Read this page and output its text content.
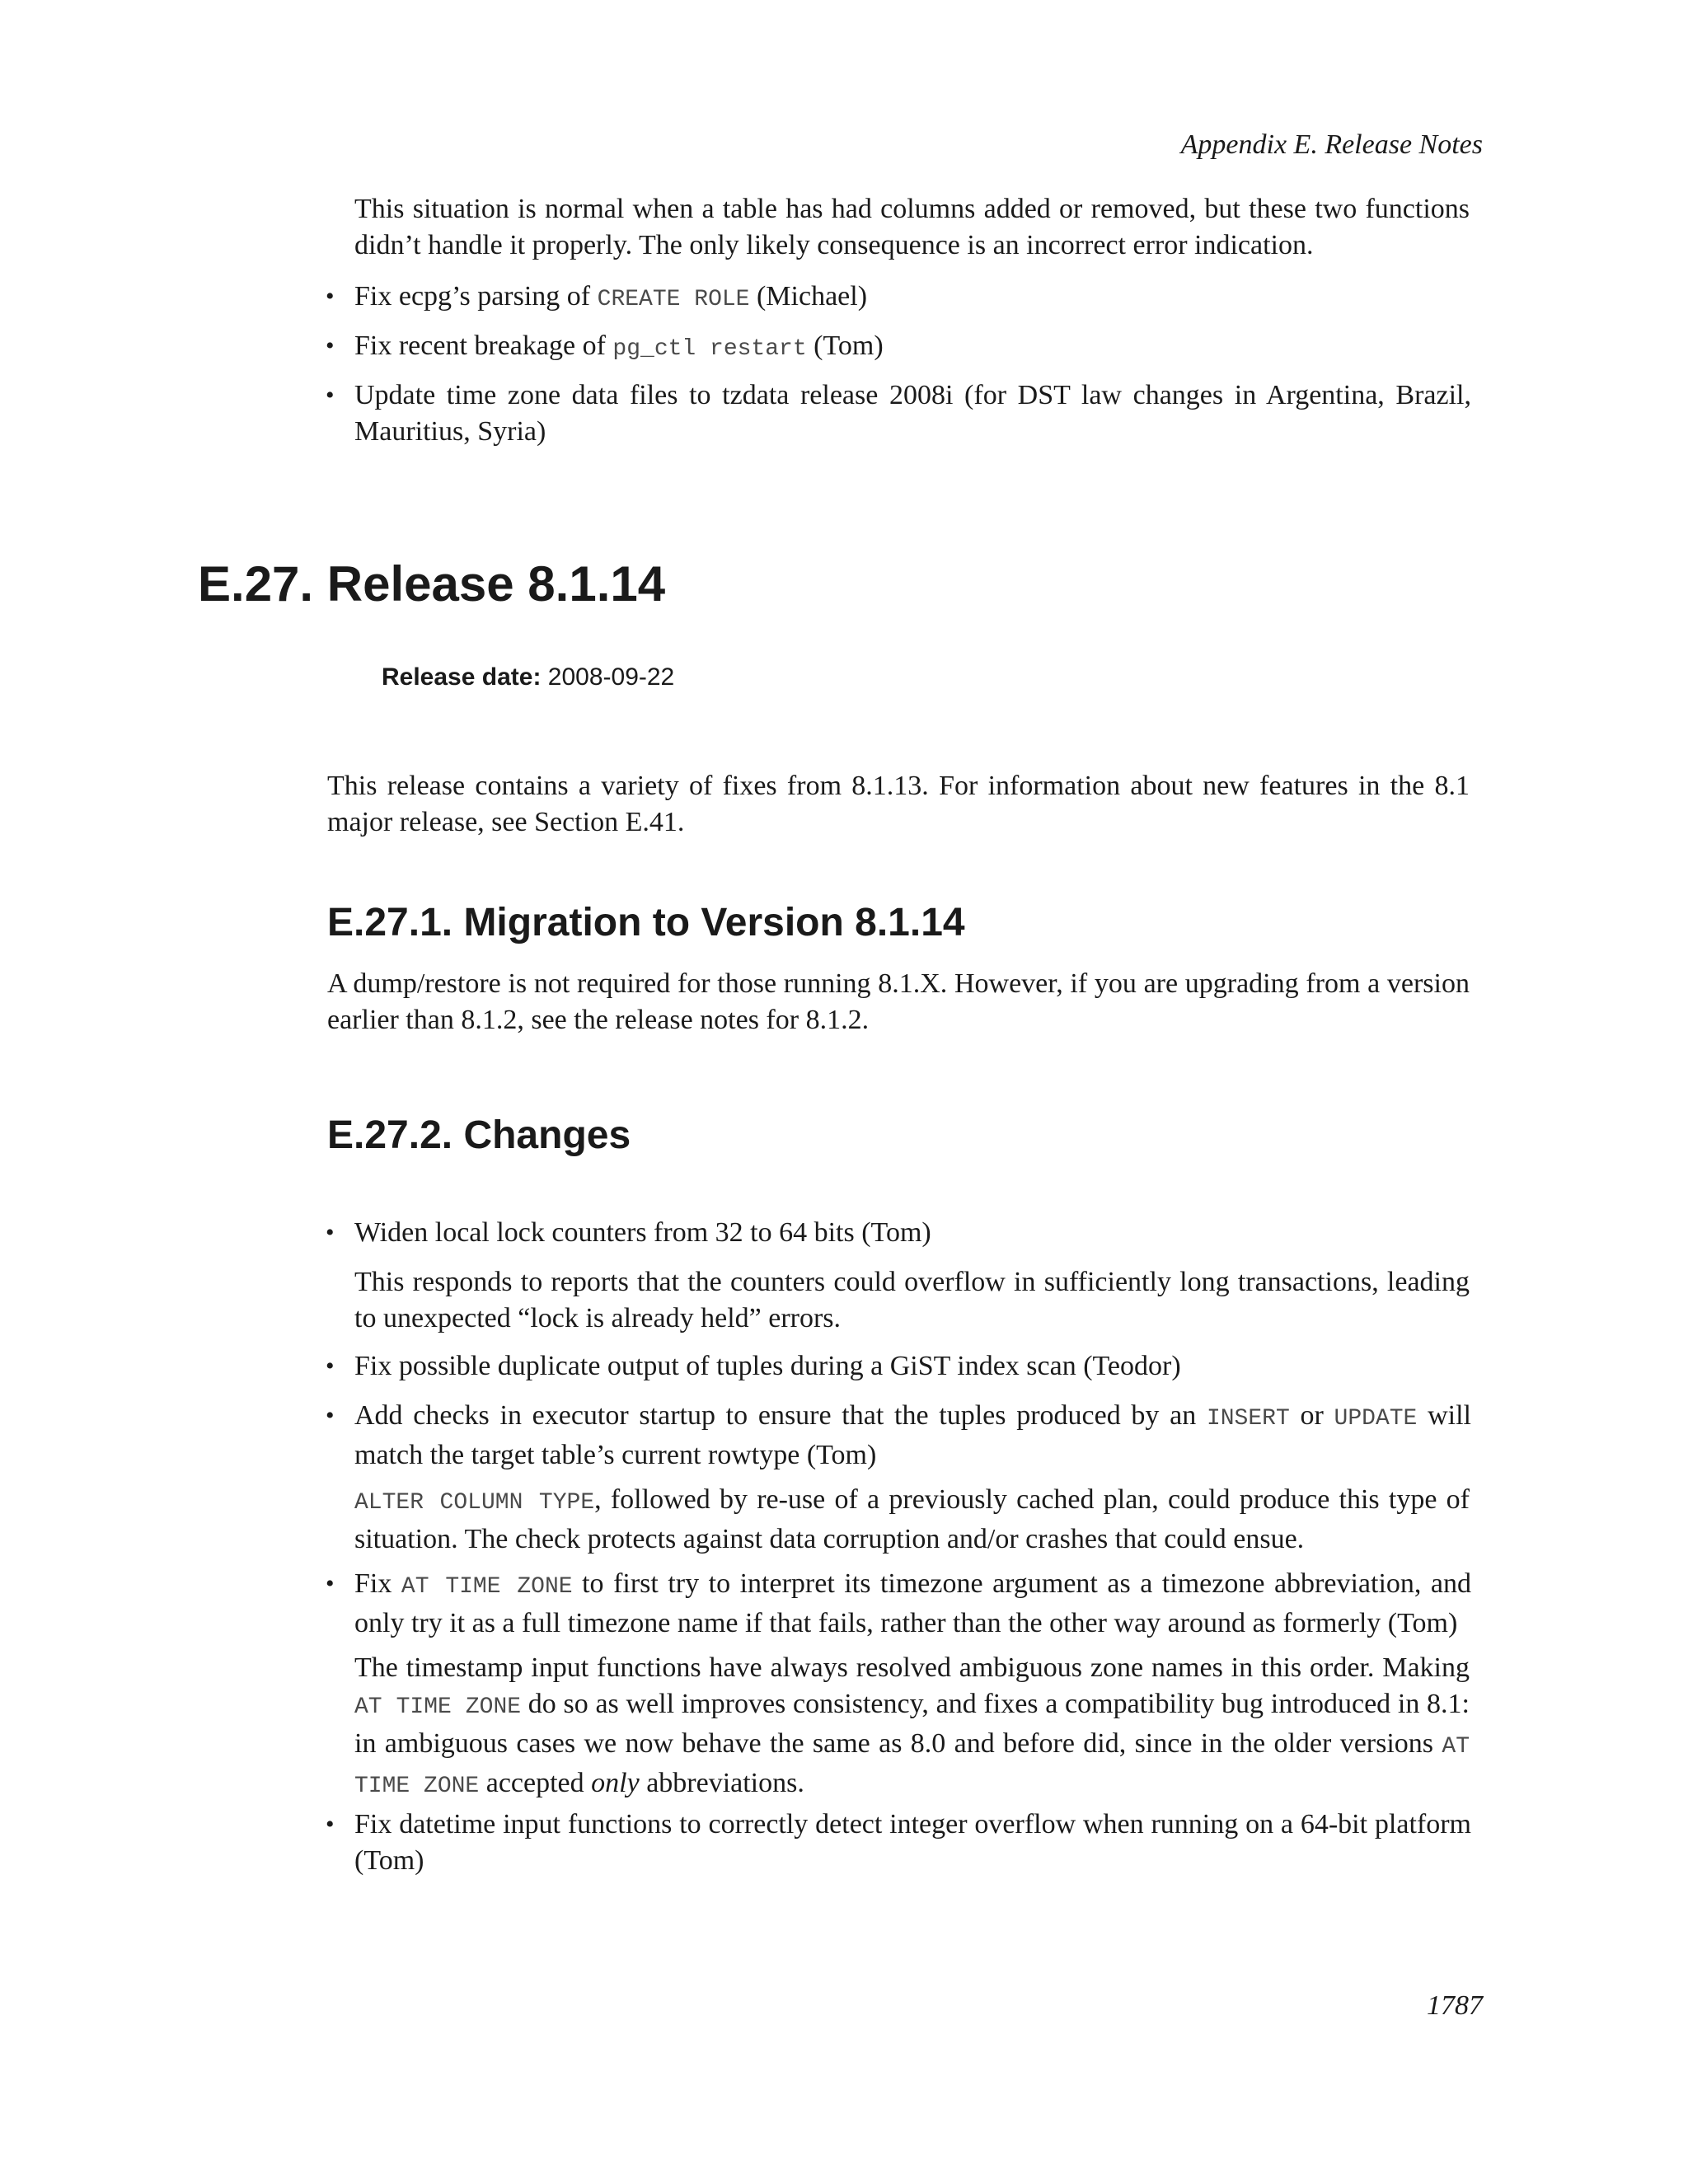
Appendix E. Release Notes
This situation is normal when a table has had columns added or removed, but these two functions didn’t handle it properly. The only likely consequence is an incorrect error indication.
• Fix ecpg’s parsing of CREATE ROLE (Michael)
• Fix recent breakage of pg_ctl restart (Tom)
• Update time zone data files to tzdata release 2008i (for DST law changes in Argentina, Brazil, Mauritius, Syria)
E.27. Release 8.1.14
Release date: 2008-09-22
This release contains a variety of fixes from 8.1.13. For information about new features in the 8.1 major release, see Section E.41.
E.27.1. Migration to Version 8.1.14
A dump/restore is not required for those running 8.1.X. However, if you are upgrading from a version earlier than 8.1.2, see the release notes for 8.1.2.
E.27.2. Changes
• Widen local lock counters from 32 to 64 bits (Tom)
This responds to reports that the counters could overflow in sufficiently long transactions, leading to unexpected “lock is already held” errors.
• Fix possible duplicate output of tuples during a GiST index scan (Teodor)
• Add checks in executor startup to ensure that the tuples produced by an INSERT or UPDATE will match the target table’s current rowtype (Tom)
ALTER COLUMN TYPE, followed by re-use of a previously cached plan, could produce this type of situation. The check protects against data corruption and/or crashes that could ensue.
• Fix AT TIME ZONE to first try to interpret its timezone argument as a timezone abbreviation, and only try it as a full timezone name if that fails, rather than the other way around as formerly (Tom)
The timestamp input functions have always resolved ambiguous zone names in this order. Making AT TIME ZONE do so as well improves consistency, and fixes a compatibility bug introduced in 8.1: in ambiguous cases we now behave the same as 8.0 and before did, since in the older versions AT TIME ZONE accepted only abbreviations.
• Fix datetime input functions to correctly detect integer overflow when running on a 64-bit platform (Tom)
1787
